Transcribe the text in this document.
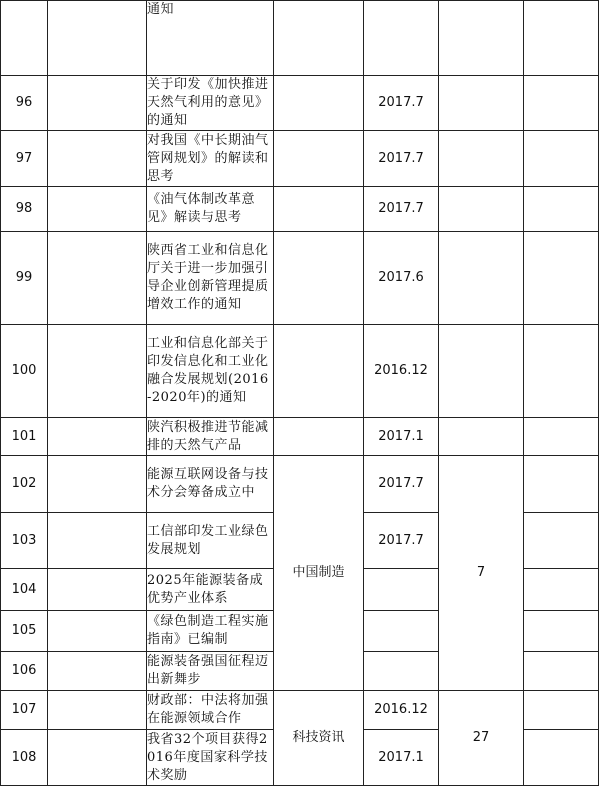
		通知				
96		关于印发《加快推进天然气利用的意见》的通知		2017.7		
97		对我国《中长期油气管网规划》的解读和思考		2017.7		
98		《油气体制改革意见》解读与思考		2017.7		
99		陕西省工业和信息化厅关于进一步加强引导企业创新管理提质增效工作的通知		2017.6		
100		工业和信息化部关于印发信息化和工业化融合发展规划(2016-2020年)的通知		2016.12		
101		陕汽积极推进节能减排的天然气产品		2017.1		
102		能源互联网设备与技术分会筹备成立中	中国制造	2017.7	7	
103		工信部印发工业绿色发展规划		2017.7		
104		2025年能源装备成优势产业体系				
105		《绿色制造工程实施指南》已编制				
106		能源装备强国征程迈出新舞步				
107		财政部：中法将加强在能源领域合作	科技资讯	2016.12	27	
108		我省32个项目获得2016年度国家科学技术奖励		2017.1		
